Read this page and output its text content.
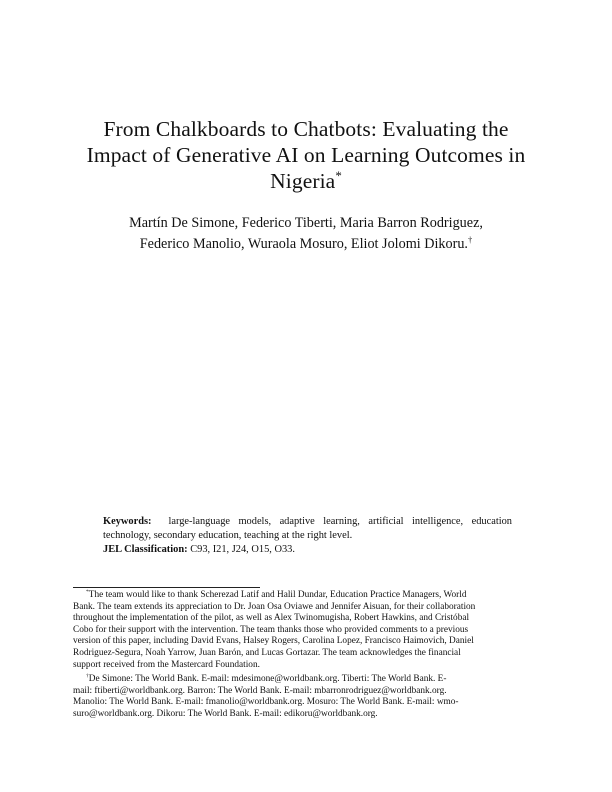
From Chalkboards to Chatbots: Evaluating the
Impact of Generative AI on Learning Outcomes in
Nigeria*
Martín De Simone, Federico Tiberti, Maria Barron Rodriguez,
Federico Manolio, Wuraola Mosuro, Eliot Jolomi Dikoru.†
Keywords: large-language models, adaptive learning, artificial intelligence, education technology, secondary education, teaching at the right level.
JEL Classification: C93, I21, J24, O15, O33.
*The team would like to thank Scherezad Latif and Halil Dundar, Education Practice Managers, World
Bank. The team extends its appreciation to Dr. Joan Osa Oviawe and Jennifer Aisuan, for their collaboration
throughout the implementation of the pilot, as well as Alex Twinomugisha, Robert Hawkins, and Cristóbal
Cobo for their support with the intervention. The team thanks those who provided comments to a previous
version of this paper, including David Evans, Halsey Rogers, Carolina Lopez, Francisco Haimovich, Daniel
Rodriguez-Segura, Noah Yarrow, Juan Barón, and Lucas Gortazar. The team acknowledges the financial
support received from the Mastercard Foundation.
†De Simone: The World Bank. E-mail: mdesimone@worldbank.org. Tiberti: The World Bank. E-
mail: ftiberti@worldbank.org. Barron: The World Bank. E-mail: mbarronrodriguez@worldbank.org.
Manolio: The World Bank. E-mail: fmanolio@worldbank.org. Mosuro: The World Bank. E-mail: wmo-
suro@worldbank.org. Dikoru: The World Bank. E-mail: edikoru@worldbank.org.
